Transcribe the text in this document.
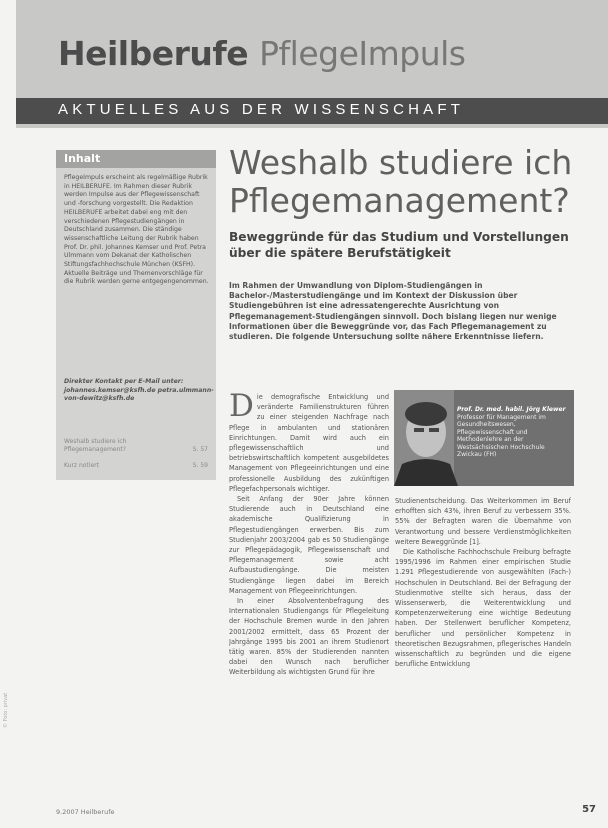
Heilberufe PflegeImpuls
AKTUELLES AUS DER WISSENSCHAFT
Inhalt
PflegeImpuls erscheint als regelmäßige Rubrik in HEILBERUFE. Im Rahmen dieser Rubrik werden Impulse aus der Pflegewissenschaft und -forschung vorgestellt. Die Redaktion HEILBERUFE arbeitet dabei eng mit den verschiedenen Pflegestudiengängen in Deutschland zusammen. Die ständige wissenschaftliche Leitung der Rubrik haben Prof. Dr. phil. Johannes Kemser und Prof. Petra Ulmmann vom Dekanat der Katholischen Stiftungsfachhochschule München (KSFH). Aktuelle Beiträge und Themenvorschläge für die Rubrik werden gerne entgegengenommen.
Direkter Kontakt per E-Mail unter: johannes.kemser@ksfh.de petra.ulmmann-von-dewitz@ksfh.de
Weshalb studiere ich Pflegemanagement?	S. 57
Kurz notiert	S. 59
Weshalb studiere ich Pflegemanagement?
Beweggründe für das Studium und Vorstellungen über die spätere Berufstätigkeit
Im Rahmen der Umwandlung von Diplom-Studiengängen in Bachelor-/Masterstudiengänge und im Kontext der Diskussion über Studiengebühren ist eine adressatengerechte Ausrichtung von Pflegemanagement-Studiengängen sinnvoll. Doch bislang liegen nur wenige Informationen über die Beweggründe vor, das Fach Pflegemanagement zu studieren. Die folgende Untersuchung sollte nähere Erkenntnisse liefern.

Die demografische Entwicklung und veränderte Familienstrukturen führen zu einer steigenden Nachfrage nach Pflege in ambulanten und stationären Einrichtungen. Damit wird auch ein pflegewissenschaftlich und betriebswirtschaftlich kompetent ausgebildetes Management von Pflegeeinrichtungen und eine professionelle Ausbildung des zukünftigen Pflegefachpersonals wichtiger.

Seit Anfang der 90er Jahre können Studierende auch in Deutschland eine akademische Qualifizierung in Pflegestudiengängen erwerben. Bis zum Studienjahr 2003/2004 gab es 50 Studiengänge zur Pflegepädagogik, Pflegewissenschaft und Pflegemanagement sowie acht Aufbaustudiengänge. Die meisten Studiengänge liegen dabei im Bereich Management von Pflegeeinrichtungen.

In einer Absolventenbefragung des Internationalen Studiengangs für Pflegeleitung der Hochschule Bremen wurde in den Jahren 2001/2002 ermittelt, dass 65 Prozent der Jahrgänge 1995 bis 2001 an ihrem Studienort tätig waren. 85% der Studierenden nannten dabei den Wunsch nach beruflicher Weiterbildung als wichtigsten Grund für ihre

Prof. Dr. med. habil. Jörg Klewer
Professor für Management im Gesundheitswesen, Pflegewissenschaft und Methodenlehre an der Westsächsischen Hochschule Zwickau (FH)

Studienentscheidung. Das Weiterkommen im Beruf erhofften sich 43%, ihren Beruf zu verbessern 35%. 55% der Befragten waren die Übernahme von Verantwortung und bessere Verdienstmöglichkeiten weitere Beweggründe [1].

Die Katholische Fachhochschule Freiburg befragte 1995/1996 im Rahmen einer empirischen Studie 1.291 Pflegestudierende von ausgewählten (Fach-) Hochschulen in Deutschland. Bei der Befragung der Studienmotive stellte sich heraus, dass der Wissenserwerb, die Weiterentwicklung und Kompetenzerweiterung eine wichtige Bedeutung haben. Der Stellenwert beruflicher Kompetenz, beruflicher und persönlicher Kompetenz in theoretischen Bezugsrahmen, pflegerisches Handeln wissenschaftlich zu begründen und die eigene berufliche Entwicklung

9.2007 Heilberufe	57
© Foto: privat
